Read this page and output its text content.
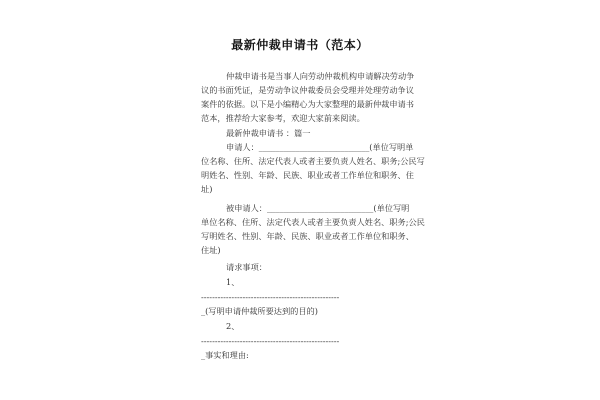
最新仲裁申请书（范本）
仲裁申请书是当事人向劳动仲裁机构申请解决劳动争
议的书面凭证，是劳动争议仲裁委员会受理并处理劳动争议
案件的依据。以下是小编精心为大家整理的最新仲裁申请书
范本，推荐给大家参考，欢迎大家前来阅读。
最新仲裁申请书 ：篇一
申请人：___________________________(单位写明单
位名称、住所、法定代表人或者主要负责人姓名、职务;公民写
明姓名、性别、年龄、民族、职业或者工作单位和职务、住
址)
被申请人：__________________________(单位写明
单位名称、住所、法定代表人或者主要负责人姓名、职务;公民
写明姓名、性别、年龄、民族、职业或者工作单位和职务、
住址)
请求事项：
1、
--------------------------------------------------
_(写明申请仲裁所要达到的目的)
2、
--------------------------------------------------
_事实和理由:
